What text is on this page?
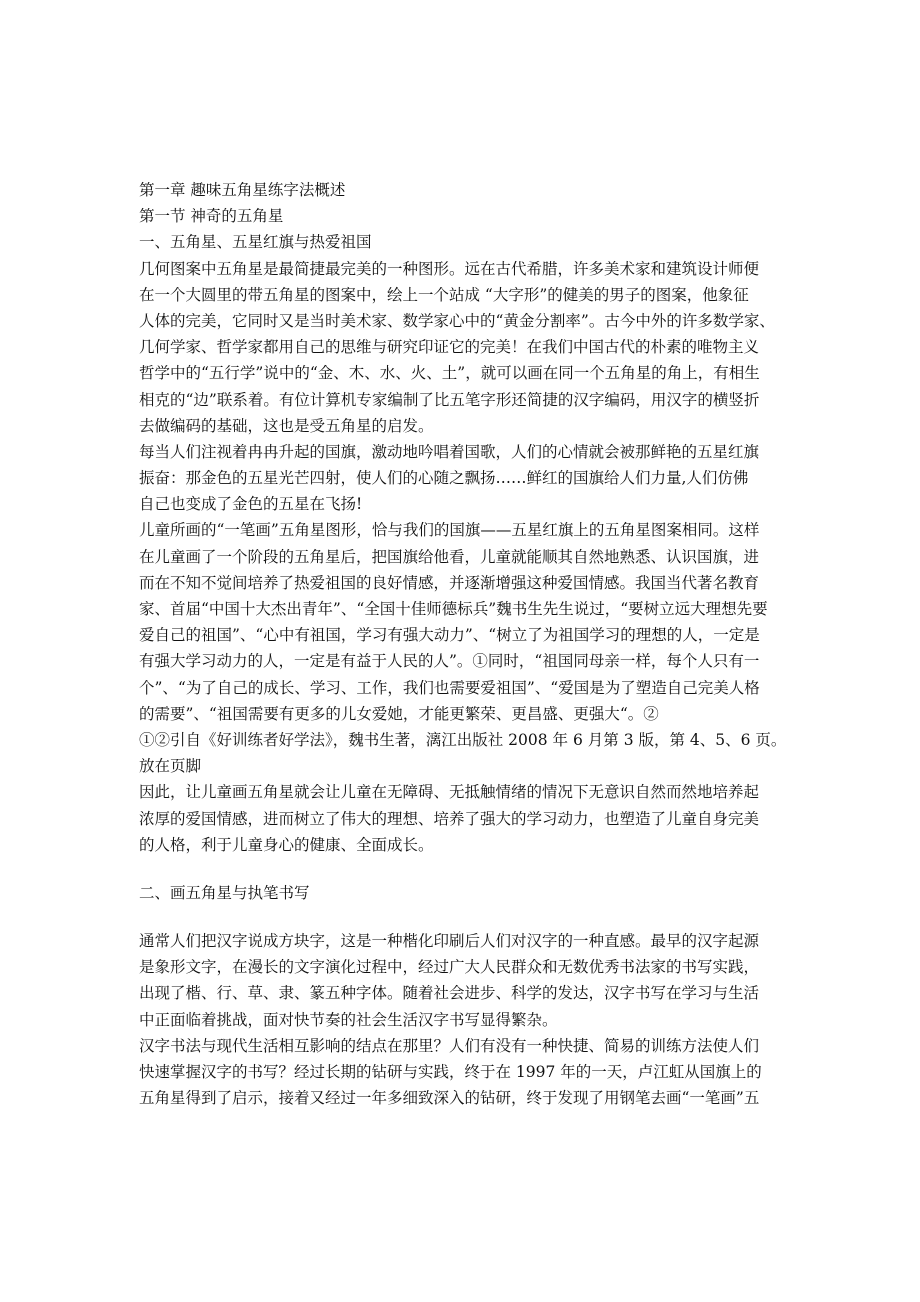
第一章 趣味五角星练字法概述
第一节 神奇的五角星
一、五角星、五星红旗与热爱祖国
几何图案中五角星是最简捷最完美的一种图形。远在古代希腊，许多美术家和建筑设计师便
在一个大圆里的带五角星的图案中，绘上一个站成 “大字形”的健美的男子的图案，他象征
人体的完美，它同时又是当时美术家、数学家心中的“黄金分割率”。古今中外的许多数学家、
几何学家、哲学家都用自己的思维与研究印证它的完美！在我们中国古代的朴素的唯物主义
哲学中的“五行学”说中的“金、木、水、火、土”，就可以画在同一个五角星的角上，有相生
相克的“边”联系着。有位计算机专家编制了比五笔字形还简捷的汉字编码，用汉字的横竖折
去做编码的基础，这也是受五角星的启发。
每当人们注视着冉冉升起的国旗，激动地吟唱着国歌，人们的心情就会被那鲜艳的五星红旗
振奋：那金色的五星光芒四射，使人们的心随之飘扬……鲜红的国旗给人们力量,人们仿佛
自己也变成了金色的五星在飞扬!
儿童所画的“一笔画”五角星图形，恰与我们的国旗——五星红旗上的五角星图案相同。这样
在儿童画了一个阶段的五角星后，把国旗给他看，儿童就能顺其自然地熟悉、认识国旗，进
而在不知不觉间培养了热爱祖国的良好情感，并逐渐增强这种爱国情感。我国当代著名教育
家、首届“中国十大杰出青年”、“全国十佳师德标兵”魏书生先生说过，“要树立远大理想先要
爱自己的祖国”、“心中有祖国，学习有强大动力”、“树立了为祖国学习的理想的人，一定是
有强大学习动力的人，一定是有益于人民的人”。①同时，“祖国同母亲一样，每个人只有一
个”、“为了自己的成长、学习、工作，我们也需要爱祖国”、“爱国是为了塑造自己完美人格
的需要”、“祖国需要有更多的儿女爱她，才能更繁荣、更昌盛、更强大“。②
①②引自《好训练者好学法》，魏书生著，漓江出版社 2008 年 6 月第 3 版，第 4、5、6 页。
放在页脚
因此，让儿童画五角星就会让儿童在无障碍、无抵触情绪的情况下无意识自然而然地培养起
浓厚的爱国情感，进而树立了伟大的理想、培养了强大的学习动力，也塑造了儿童自身完美
的人格，利于儿童身心的健康、全面成长。
二、画五角星与执笔书写
通常人们把汉字说成方块字，这是一种楷化印刷后人们对汉字的一种直感。最早的汉字起源
是象形文字，在漫长的文字演化过程中，经过广大人民群众和无数优秀书法家的书写实践，
出现了楷、行、草、隶、篆五种字体。随着社会进步、科学的发达，汉字书写在学习与生活
中正面临着挑战，面对快节奏的社会生活汉字书写显得繁杂。
汉字书法与现代生活相互影响的结点在那里？人们有没有一种快捷、简易的训练方法使人们
快速掌握汉字的书写？经过长期的钻研与实践，终于在 1997 年的一天，卢江虹从国旗上的
五角星得到了启示，接着又经过一年多细致深入的钻研，终于发现了用钢笔去画“一笔画”五
